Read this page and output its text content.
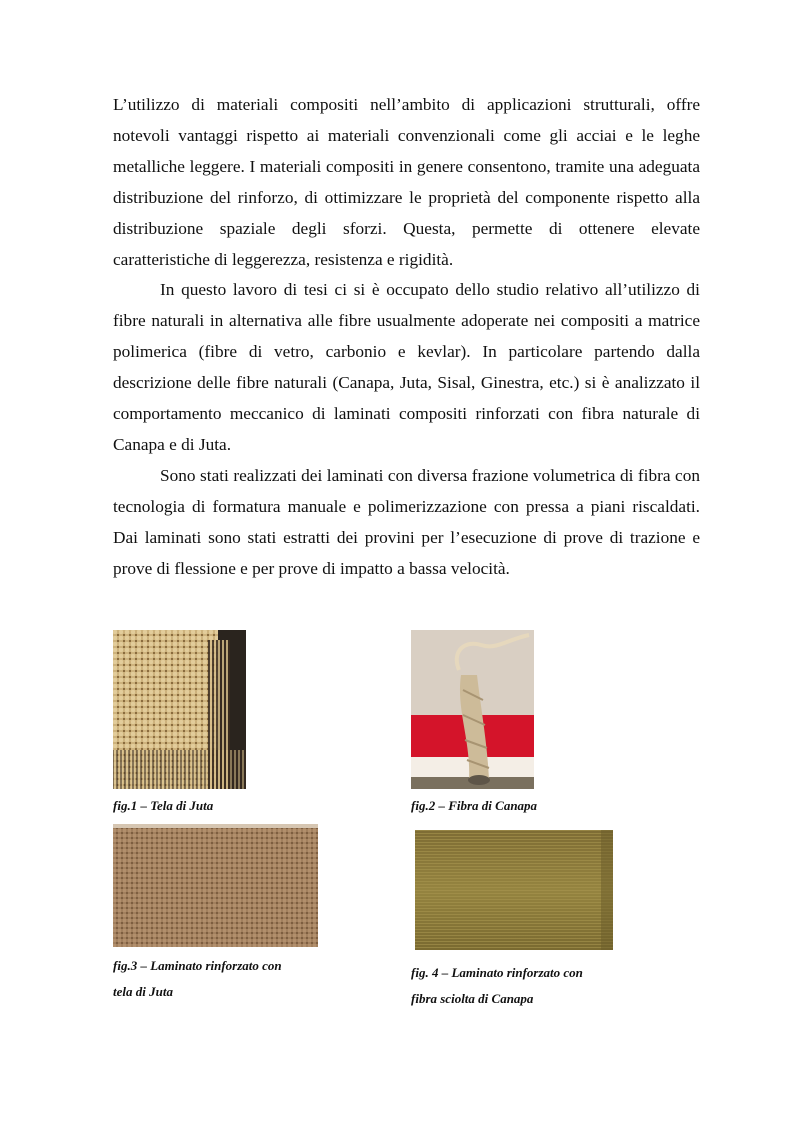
L’utilizzo di materiali compositi nell’ambito di applicazioni strutturali, offre notevoli vantaggi rispetto ai materiali convenzionali come gli acciai e le leghe metalliche leggere. I materiali compositi in genere consentono, tramite una adeguata distribuzione del rinforzo, di ottimizzare le proprietà del componente rispetto alla distribuzione spaziale degli sforzi. Questa, permette di ottenere elevate caratteristiche di leggerezza, resistenza e rigidità.

In questo lavoro di tesi ci si è occupato dello studio relativo all’utilizzo di fibre naturali in alternativa alle fibre usualmente adoperate nei compositi a matrice polimerica (fibre di vetro, carbonio e kevlar). In particolare partendo dalla descrizione delle fibre naturali (Canapa, Juta, Sisal, Ginestra, etc.) si è analizzato il comportamento meccanico di laminati compositi rinforzati con fibra naturale di Canapa e di Juta.

Sono stati realizzati dei laminati con diversa frazione volumetrica di fibra con tecnologia di formatura manuale e polimerizzazione con pressa a piani riscaldati. Dai laminati sono stati estratti dei provini per l’esecuzione di prove di trazione e prove di flessione e per prove di impatto a bassa velocità.

fig.1 – Tela di Juta	fig.2 – Fibra di Canapa
fig.3 – Laminato rinforzato con
tela di Juta
fig. 4 – Laminato rinforzato con
fibra sciolta di Canapa
